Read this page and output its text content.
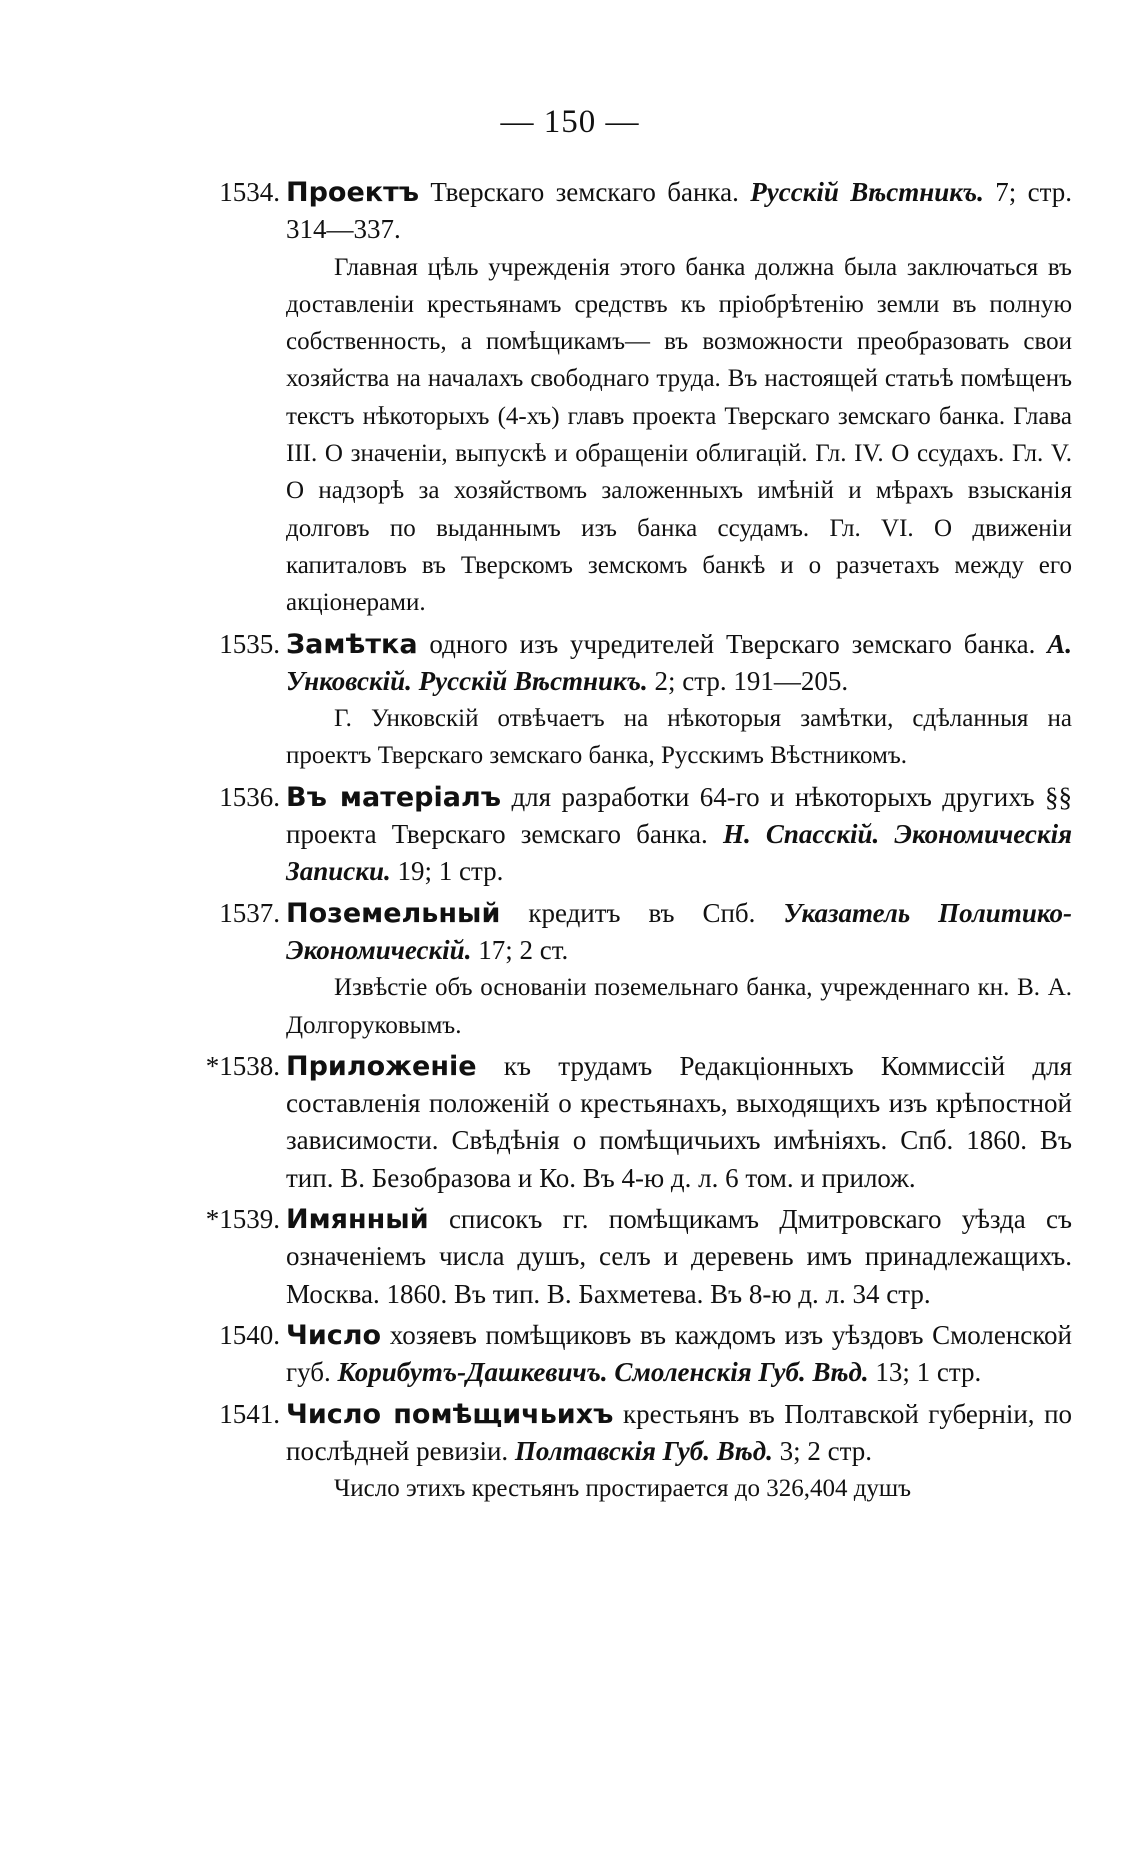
— 150 —
1534. Проектъ Тверскаго земскаго банка. Русскій Вѣстникъ. 7; стр. 314—337.
Главная цѣль учрежденія этого банка должна была заключаться въ доставленіи крестьянамъ средствъ къ пріобрѣтенію земли въ полную собственность, а помѣщикамъ— въ возможности преобразовать свои хозяйства на началахъ свободнаго труда. Въ настоящей статьѣ помѣщенъ текстъ нѣкоторыхъ (4-хъ) главъ проекта Тверскаго земскаго банка. Глава III. О значеніи, выпускѣ и обращеніи облигацій. Гл. IV. О ссудахъ. Гл. V. О надзорѣ за хозяйствомъ заложенныхъ имѣній и мѣрахъ взысканія долговъ по выданнымъ изъ банка ссудамъ. Гл. VI. О движеніи капиталовъ въ Тверскомъ земскомъ банкѣ и о разчетахъ между его акціонерами.
1535. Замѣтка одного изъ учредителей Тверскаго земскаго банка. А. Унковскій. Русскій Вѣстникъ. 2; стр. 191—205.
Г. Унковскій отвѣчаетъ на нѣкоторыя замѣтки, сдѣланныя на проектъ Тверскаго земскаго банка, Русскимъ Вѣстникомъ.
1536. Въ матеріалъ для разработки 64-го и нѣкоторыхъ другихъ §§ проекта Тверскаго земскаго банка. Н. Спасскій. Экономическія Записки. 19; 1 стр.
1537. Поземельный кредитъ въ Спб. Указатель Политико-Экономическій. 17; 2 ст.
Извѣстіе объ основаніи поземельнаго банка, учрежденнаго кн. В. А. Долгоруковымъ.
*1538. Приложеніе къ трудамъ Редакціонныхъ Коммиссій для составленія положеній о крестьянахъ, выходящихъ изъ крѣпостной зависимости. Свѣдѣнія о помѣщичьихъ имѣніяхъ. Спб. 1860. Въ тип. В. Безобразова и Ко. Въ 4-ю д. л. 6 том. и прилож.
*1539. Имянный списокъ гг. помѣщикамъ Дмитровскаго уѣзда съ означеніемъ числа душъ, селъ и деревень имъ принадлежащихъ. Москва. 1860. Въ тип. В. Бахметева. Въ 8-ю д. л. 34 стр.
1540. Число хозяевъ помѣщиковъ въ каждомъ изъ уѣздовъ Смоленской губ. Корибутъ-Дашкевичъ. Смоленскія Губ. Вѣд. 13; 1 стр.
1541. Число помѣщичьихъ крестьянъ въ Полтавской губерніи, по послѣдней ревизіи. Полтавскія Губ. Вѣд. 3; 2 стр.
Число этихъ крестьянъ простирается до 326,404 душъ
